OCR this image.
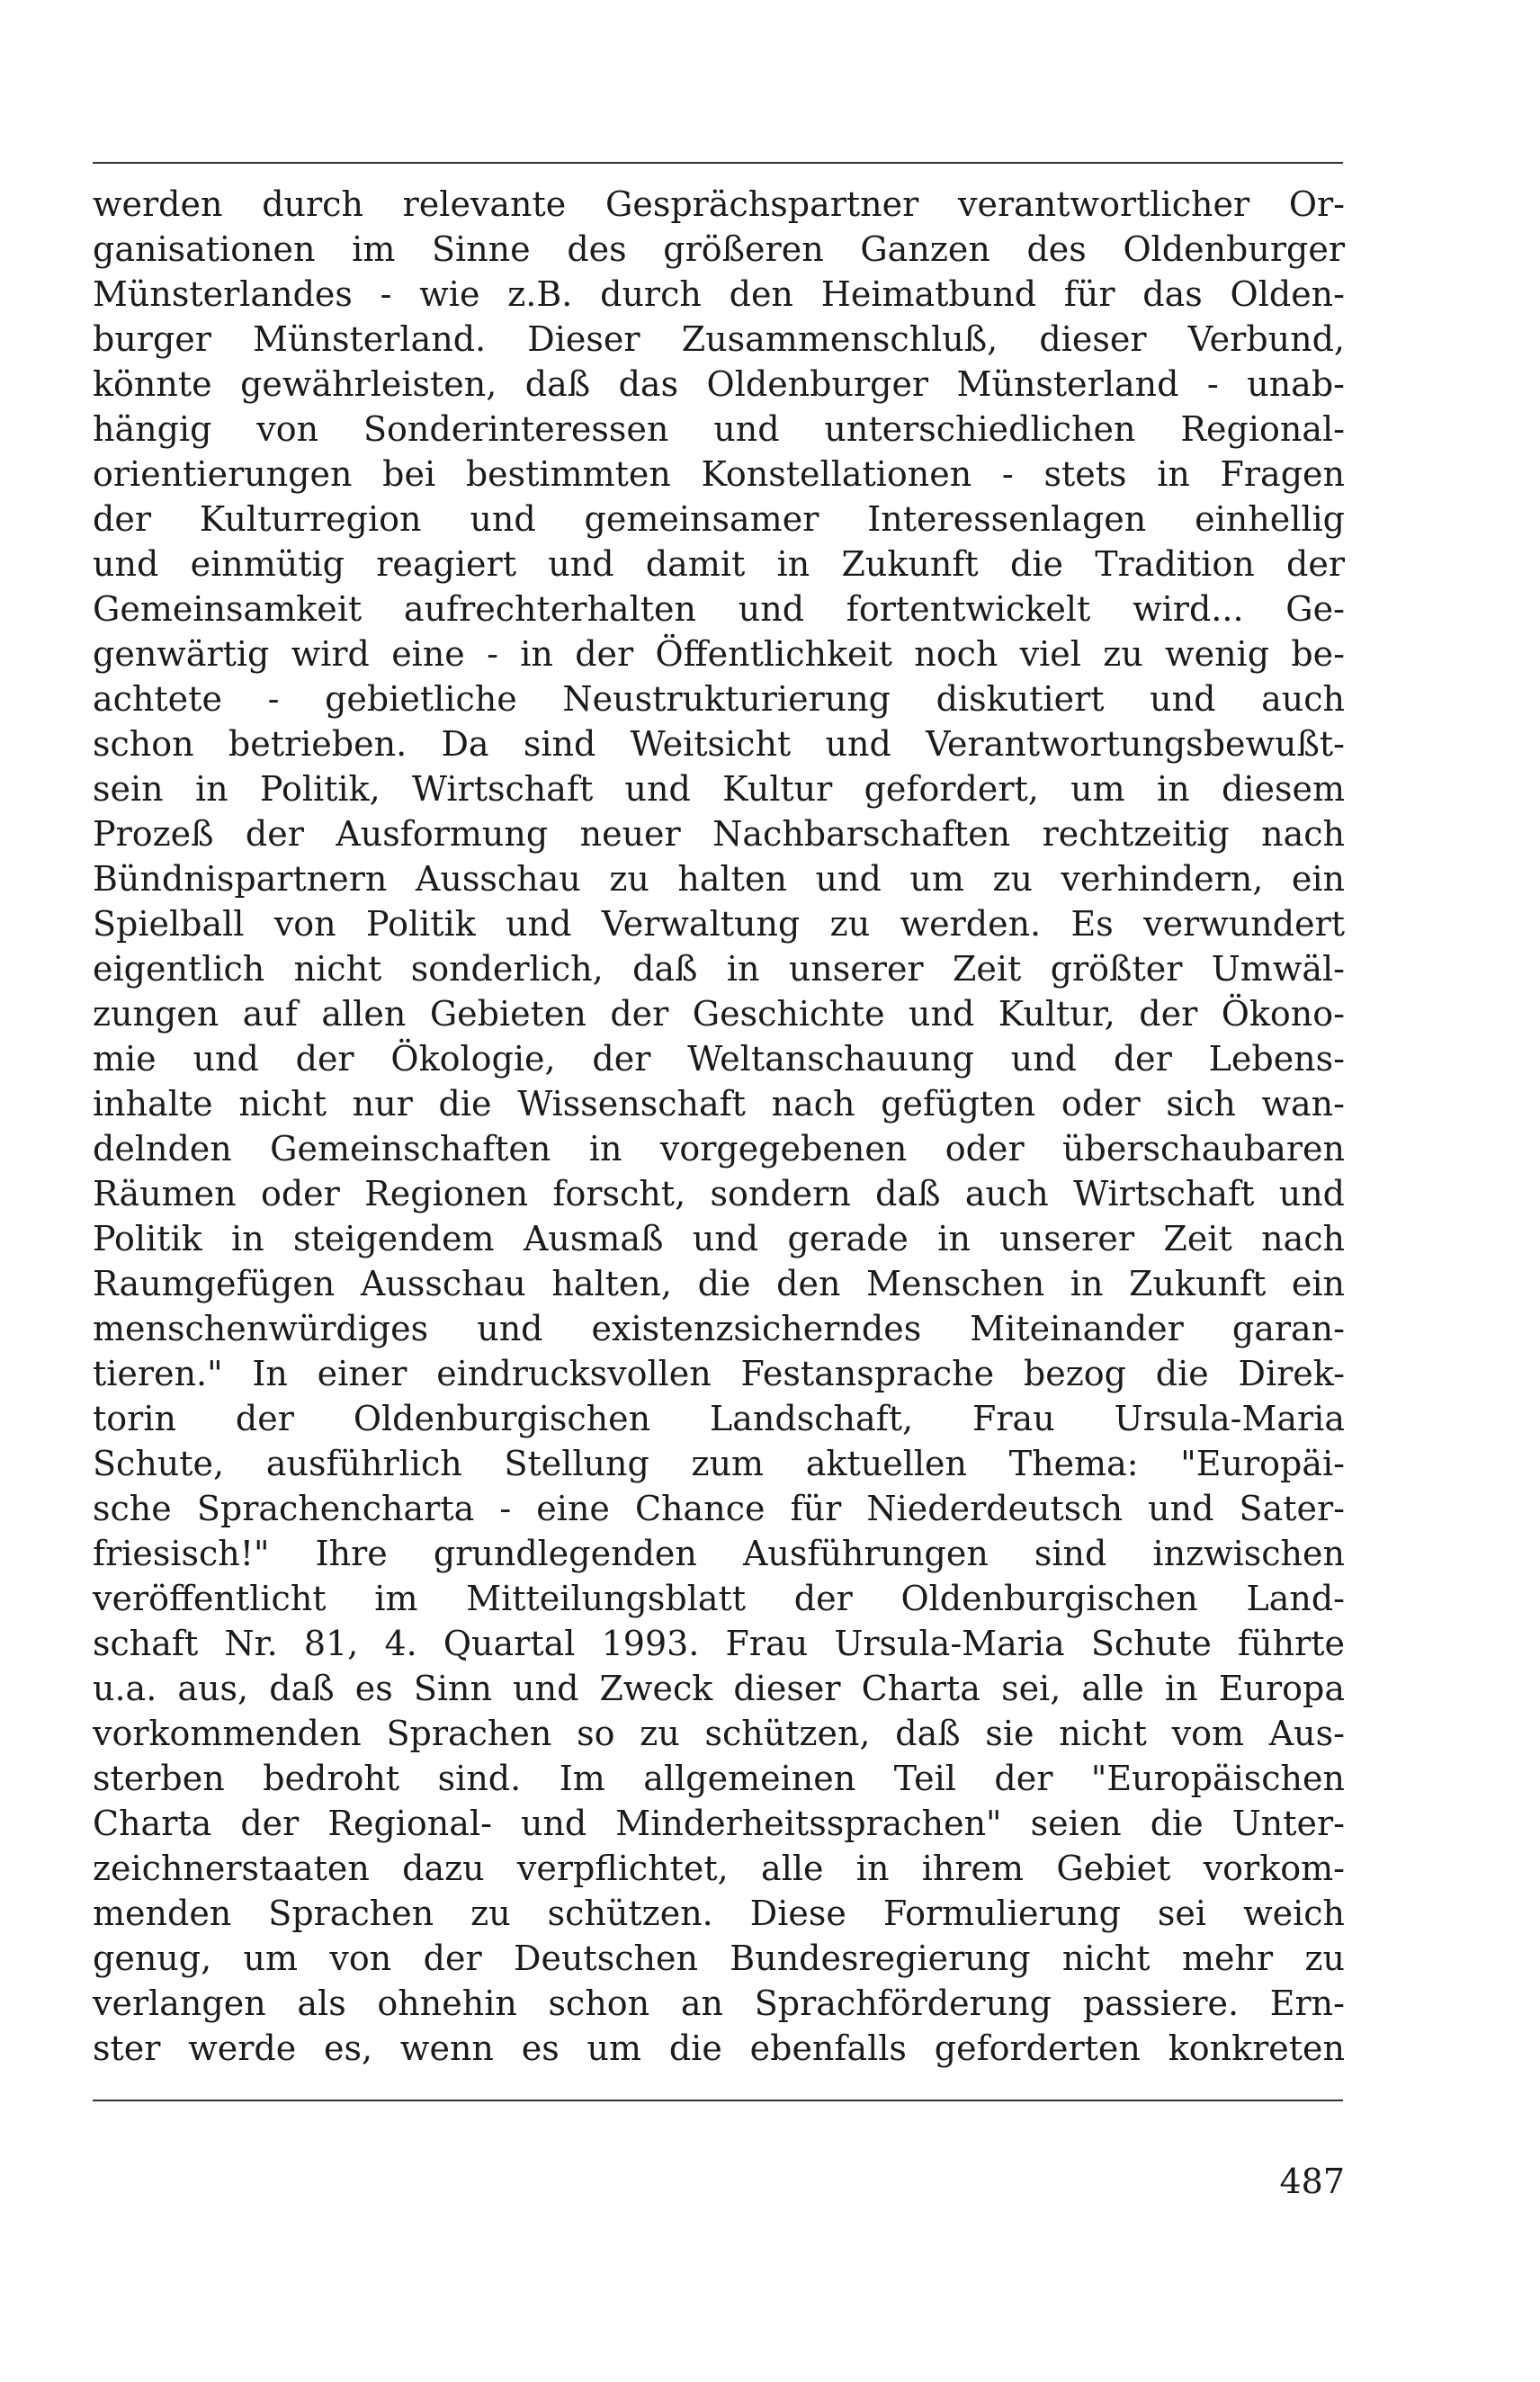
werden durch relevante Gesprächspartner verantwortlicher Or-
ganisationen im Sinne des größeren Ganzen des Oldenburger
Münsterlandes - wie z.B. durch den Heimatbund für das Olden-
burger Münsterland. Dieser Zusammenschluß, dieser Verbund,
könnte gewährleisten, daß das Oldenburger Münsterland - unab-
hängig von Sonderinteressen und unterschiedlichen Regional-
orientierungen bei bestimmten Konstellationen - stets in Fragen
der Kulturregion und gemeinsamer Interessenlagen einhellig
und einmütig reagiert und damit in Zukunft die Tradition der
Gemeinsamkeit aufrechterhalten und fortentwickelt wird... Ge-
genwärtig wird eine - in der Öffentlichkeit noch viel zu wenig be-
achtete - gebietliche Neustrukturierung diskutiert und auch
schon betrieben. Da sind Weitsicht und Verantwortungsbewußt-
sein in Politik, Wirtschaft und Kultur gefordert, um in diesem
Prozeß der Ausformung neuer Nachbarschaften rechtzeitig nach
Bündnispartnern Ausschau zu halten und um zu verhindern, ein
Spielball von Politik und Verwaltung zu werden. Es verwundert
eigentlich nicht sonderlich, daß in unserer Zeit größter Umwäl-
zungen auf allen Gebieten der Geschichte und Kultur, der Ökono-
mie und der Ökologie, der Weltanschauung und der Lebens-
inhalte nicht nur die Wissenschaft nach gefügten oder sich wan-
delnden Gemeinschaften in vorgegebenen oder überschaubaren
Räumen oder Regionen forscht, sondern daß auch Wirtschaft und
Politik in steigendem Ausmaß und gerade in unserer Zeit nach
Raumgefügen Ausschau halten, die den Menschen in Zukunft ein
menschenwürdiges und existenzsicherndes Miteinander garan-
tieren." In einer eindrucksvollen Festansprache bezog die Direk-
torin der Oldenburgischen Landschaft, Frau Ursula-Maria
Schute, ausführlich Stellung zum aktuellen Thema: "Europäi-
sche Sprachencharta - eine Chance für Niederdeutsch und Sater-
friesisch!" Ihre grundlegenden Ausführungen sind inzwischen
veröffentlicht im Mitteilungsblatt der Oldenburgischen Land-
schaft Nr. 81, 4. Quartal 1993. Frau Ursula-Maria Schute führte
u.a. aus, daß es Sinn und Zweck dieser Charta sei, alle in Europa
vorkommenden Sprachen so zu schützen, daß sie nicht vom Aus-
sterben bedroht sind. Im allgemeinen Teil der "Europäischen
Charta der Regional- und Minderheitssprachen" seien die Unter-
zeichnerstaaten dazu verpflichtet, alle in ihrem Gebiet vorkom-
menden Sprachen zu schützen. Diese Formulierung sei weich
genug, um von der Deutschen Bundesregierung nicht mehr zu
verlangen als ohnehin schon an Sprachförderung passiere. Ern-
ster werde es, wenn es um die ebenfalls geforderten konkreten
487
